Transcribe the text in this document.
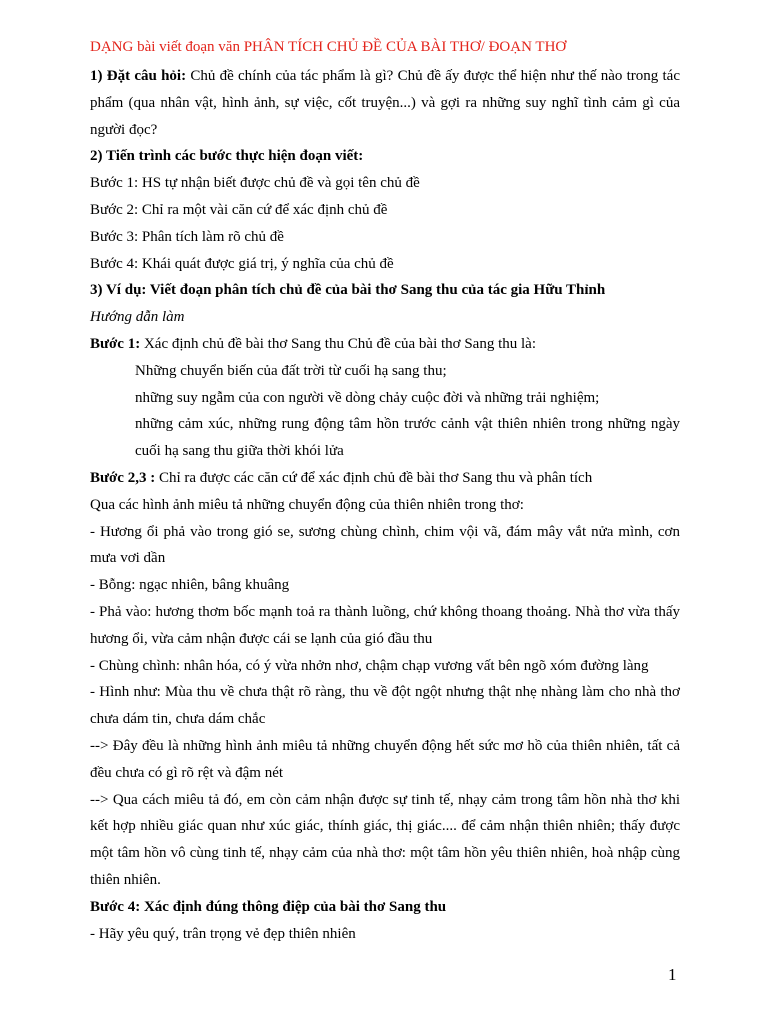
DẠNG bài viết đoạn văn PHÂN TÍCH CHỦ ĐỀ CỦA BÀI THƠ/ ĐOẠN THƠ

1) Đặt câu hỏi: Chủ đề chính của tác phẩm là gì? Chủ đề ấy được thể hiện như thế nào trong tác phẩm (qua nhân vật, hình ảnh, sự việc, cốt truyện...) và gợi ra những suy nghĩ tình cảm gì của người đọc?

2) Tiến trình các bước thực hiện đoạn viết:

Bước 1: HS tự nhận biết được chủ đề và gọi tên chủ đề

Bước 2: Chỉ ra một vài căn cứ để xác định chủ đề

Bước 3: Phân tích làm rõ chủ đề

Bước 4: Khái quát được giá trị, ý nghĩa của chủ đề

3) Ví dụ: Viết đoạn phân tích chủ đề của bài thơ Sang thu của tác gia Hữu Thỉnh

Hướng dẫn làm

Bước 1: Xác định chủ đề bài thơ Sang thu Chủ đề của bài thơ Sang thu là:

Những chuyển biến của đất trời từ cuối hạ sang thu;

những suy ngẫm của con người về dòng chảy cuộc đời và những trải nghiệm;

những cảm xúc, những rung động tâm hồn trước cảnh vật thiên nhiên trong những ngày cuối hạ sang thu giữa thời khói lửa

Bước 2,3 : Chỉ ra được các căn cứ để xác định chủ đề bài thơ Sang thu và phân tích

Qua các hình ảnh miêu tả những chuyển động của thiên nhiên trong thơ:

- Hương ổi phả vào trong gió se, sương chùng chình, chim vội vã, đám mây vắt nửa mình, cơn mưa vơi dần

- Bỗng: ngạc nhiên, bâng khuâng

- Phả vào: hương thơm bốc mạnh toả ra thành luồng, chứ không thoang thoảng. Nhà thơ vừa thấy hương ổi, vừa cảm nhận được cái se lạnh của gió đầu thu

- Chùng chình: nhân hóa, có ý vừa nhởn nhơ, chậm chạp vương vất bên ngõ xóm đường làng

- Hình như: Mùa thu về chưa thật rõ ràng, thu về đột ngột nhưng thật nhẹ nhàng làm cho nhà thơ chưa dám tin, chưa dám chắc

--> Đây đều là những hình ảnh miêu tả những chuyển động hết sức mơ hồ của thiên nhiên, tất cả đều chưa có gì rõ rệt và đậm nét

--> Qua cách miêu tả đó, em còn cảm nhận được sự tinh tế, nhạy cảm trong tâm hồn nhà thơ khi kết hợp nhiều giác quan như xúc giác, thính giác, thị giác.... để cảm nhận thiên nhiên; thấy được một tâm hồn vô cùng tinh tế, nhạy cảm của nhà thơ: một tâm hồn yêu thiên nhiên, hoà nhập cùng thiên nhiên.

Bước 4: Xác định đúng thông điệp của bài thơ Sang thu

- Hãy yêu quý, trân trọng vẻ đẹp thiên nhiên

1
